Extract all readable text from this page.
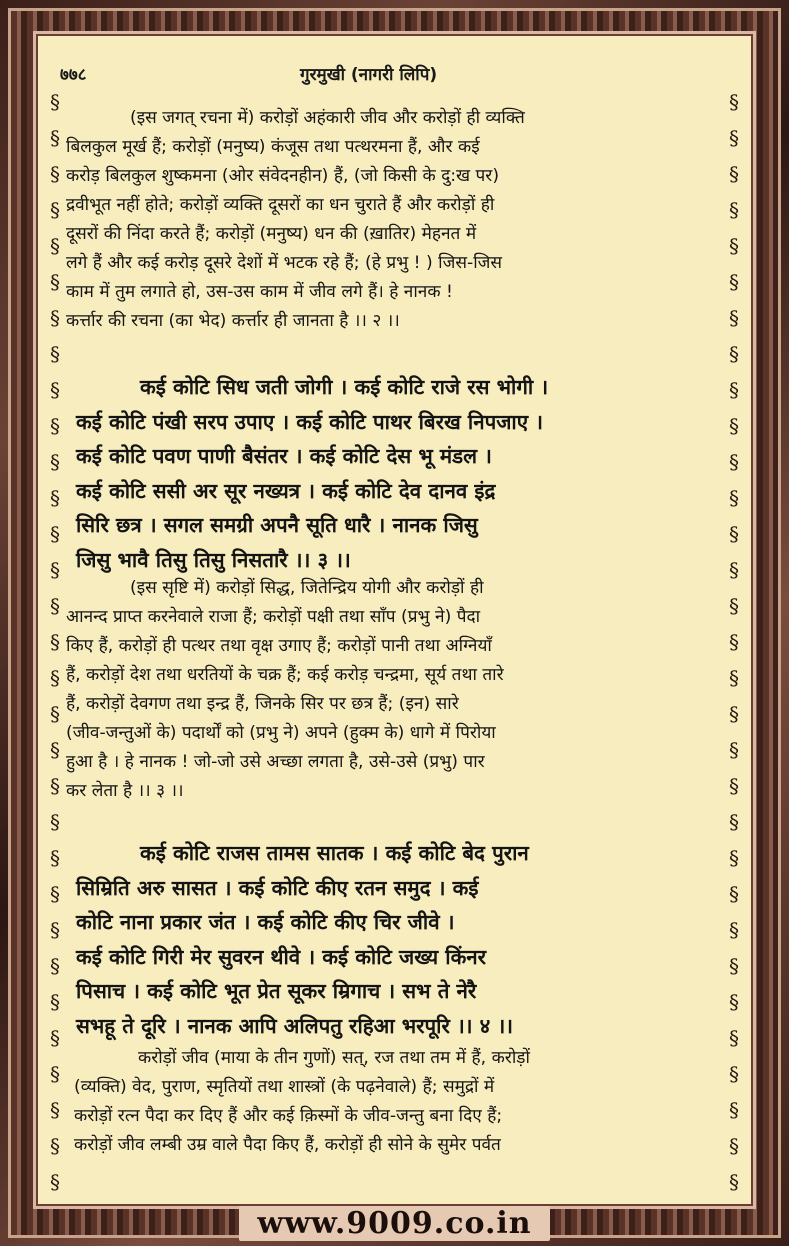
§
§
§
§
§
§
§
§
§
§
§
§
§
§
§
§
§
§
§
§
§
§
§
§
§
§
§
§
§
§
§
§
§
§
§
§
§
§
§
§
§
§
§
§
§
§
§
§
§
§
§
§
§
§
§
§
§
§
§
§
§
§
७७८	गुरमुखी (नागरी लिपि)
(इस जगत् रचना में) करोड़ों अहंकारी जीव और करोड़ों ही व्यक्ति
बिलकुल मूर्ख हैं; करोड़ों (मनुष्य) कंजूस तथा पत्थरमना हैं, और कई
करोड़ बिलकुल शुष्कमना (ओर संवेदनहीन) हैं, (जो किसी के दु:ख पर)
द्रवीभूत नहीं होते; करोड़ों व्यक्ति दूसरों का धन चुराते हैं और करोड़ों ही
दूसरों की निंदा करते हैं; करोड़ों (मनुष्य) धन की (ख़ातिर) मेहनत में
लगे हैं और कई करोड़ दूसरे देशों में भटक रहे हैं; (हे प्रभु ! ) जिस-जिस
काम में तुम लगाते हो, उस-उस काम में जीव लगे हैं। हे नानक !
कर्त्तार की रचना (का भेद) कर्त्तार ही जानता है ।। २ ।।
कई कोटि सिध जती जोगी । कई कोटि राजे रस भोगी ।
कई कोटि पंखी सरप उपाए । कई कोटि पाथर बिरख निपजाए ।
कई कोटि पवण पाणी बैसंतर । कई कोटि देस भू मंडल ।
कई कोटि ससी अर सूर नख्यत्र । कई कोटि देव दानव इंद्र
सिरि छत्र । सगल समग्री अपनै सूति धारै । नानक जिसु
जिसु भावै तिसु तिसु निसतारै ।। ३ ।।
(इस सृष्टि में) करोड़ों सिद्ध, जितेन्द्रिय योगी और करोड़ों ही
आनन्द प्राप्त करनेवाले राजा हैं; करोड़ों पक्षी तथा साँप (प्रभु ने) पैदा
किए हैं, करोड़ों ही पत्थर तथा वृक्ष उगाए हैं; करोड़ों पानी तथा अग्नियाँ
हैं, करोड़ों देश तथा धरतियों के चक्र हैं; कई करोड़ चन्द्रमा, सूर्य तथा तारे
हैं, करोड़ों देवगण तथा इन्द्र हैं, जिनके सिर पर छत्र हैं; (इन) सारे
(जीव-जन्तुओं के) पदार्थों को (प्रभु ने) अपने (हुक्म के) धागे में पिरोया
हुआ है । हे नानक ! जो-जो उसे अच्छा लगता है, उसे-उसे (प्रभु) पार
कर लेता है ।। ३ ।।
कई कोटि राजस तामस सातक । कई कोटि बेद पुरान
सिम्रिति अरु सासत । कई कोटि कीए रतन समुद । कई
कोटि नाना प्रकार जंत । कई कोटि कीए चिर जीवे ।
कई कोटि गिरी मेर सुवरन थीवे । कई कोटि जख्य किंनर
पिसाच । कई कोटि भूत प्रेत सूकर म्रिगाच । सभ ते नेरै
सभहू ते दूरि । नानक आपि अलिपतु रहिआ भरपूरि ।। ४ ।।
करोड़ों जीव (माया के तीन गुणों) सत्, रज तथा तम में हैं, करोड़ों
(व्यक्ति) वेद, पुराण, स्मृतियों तथा शास्त्रों (के पढ़नेवाले) हैं; समुद्रों में
करोड़ों रत्न पैदा कर दिए हैं और कई क़िस्मों के जीव-जन्तु बना दिए हैं;
करोड़ों जीव लम्बी उम्र वाले पैदा किए हैं, करोड़ों ही सोने के सुमेर पर्वत
www.9009.co.in
